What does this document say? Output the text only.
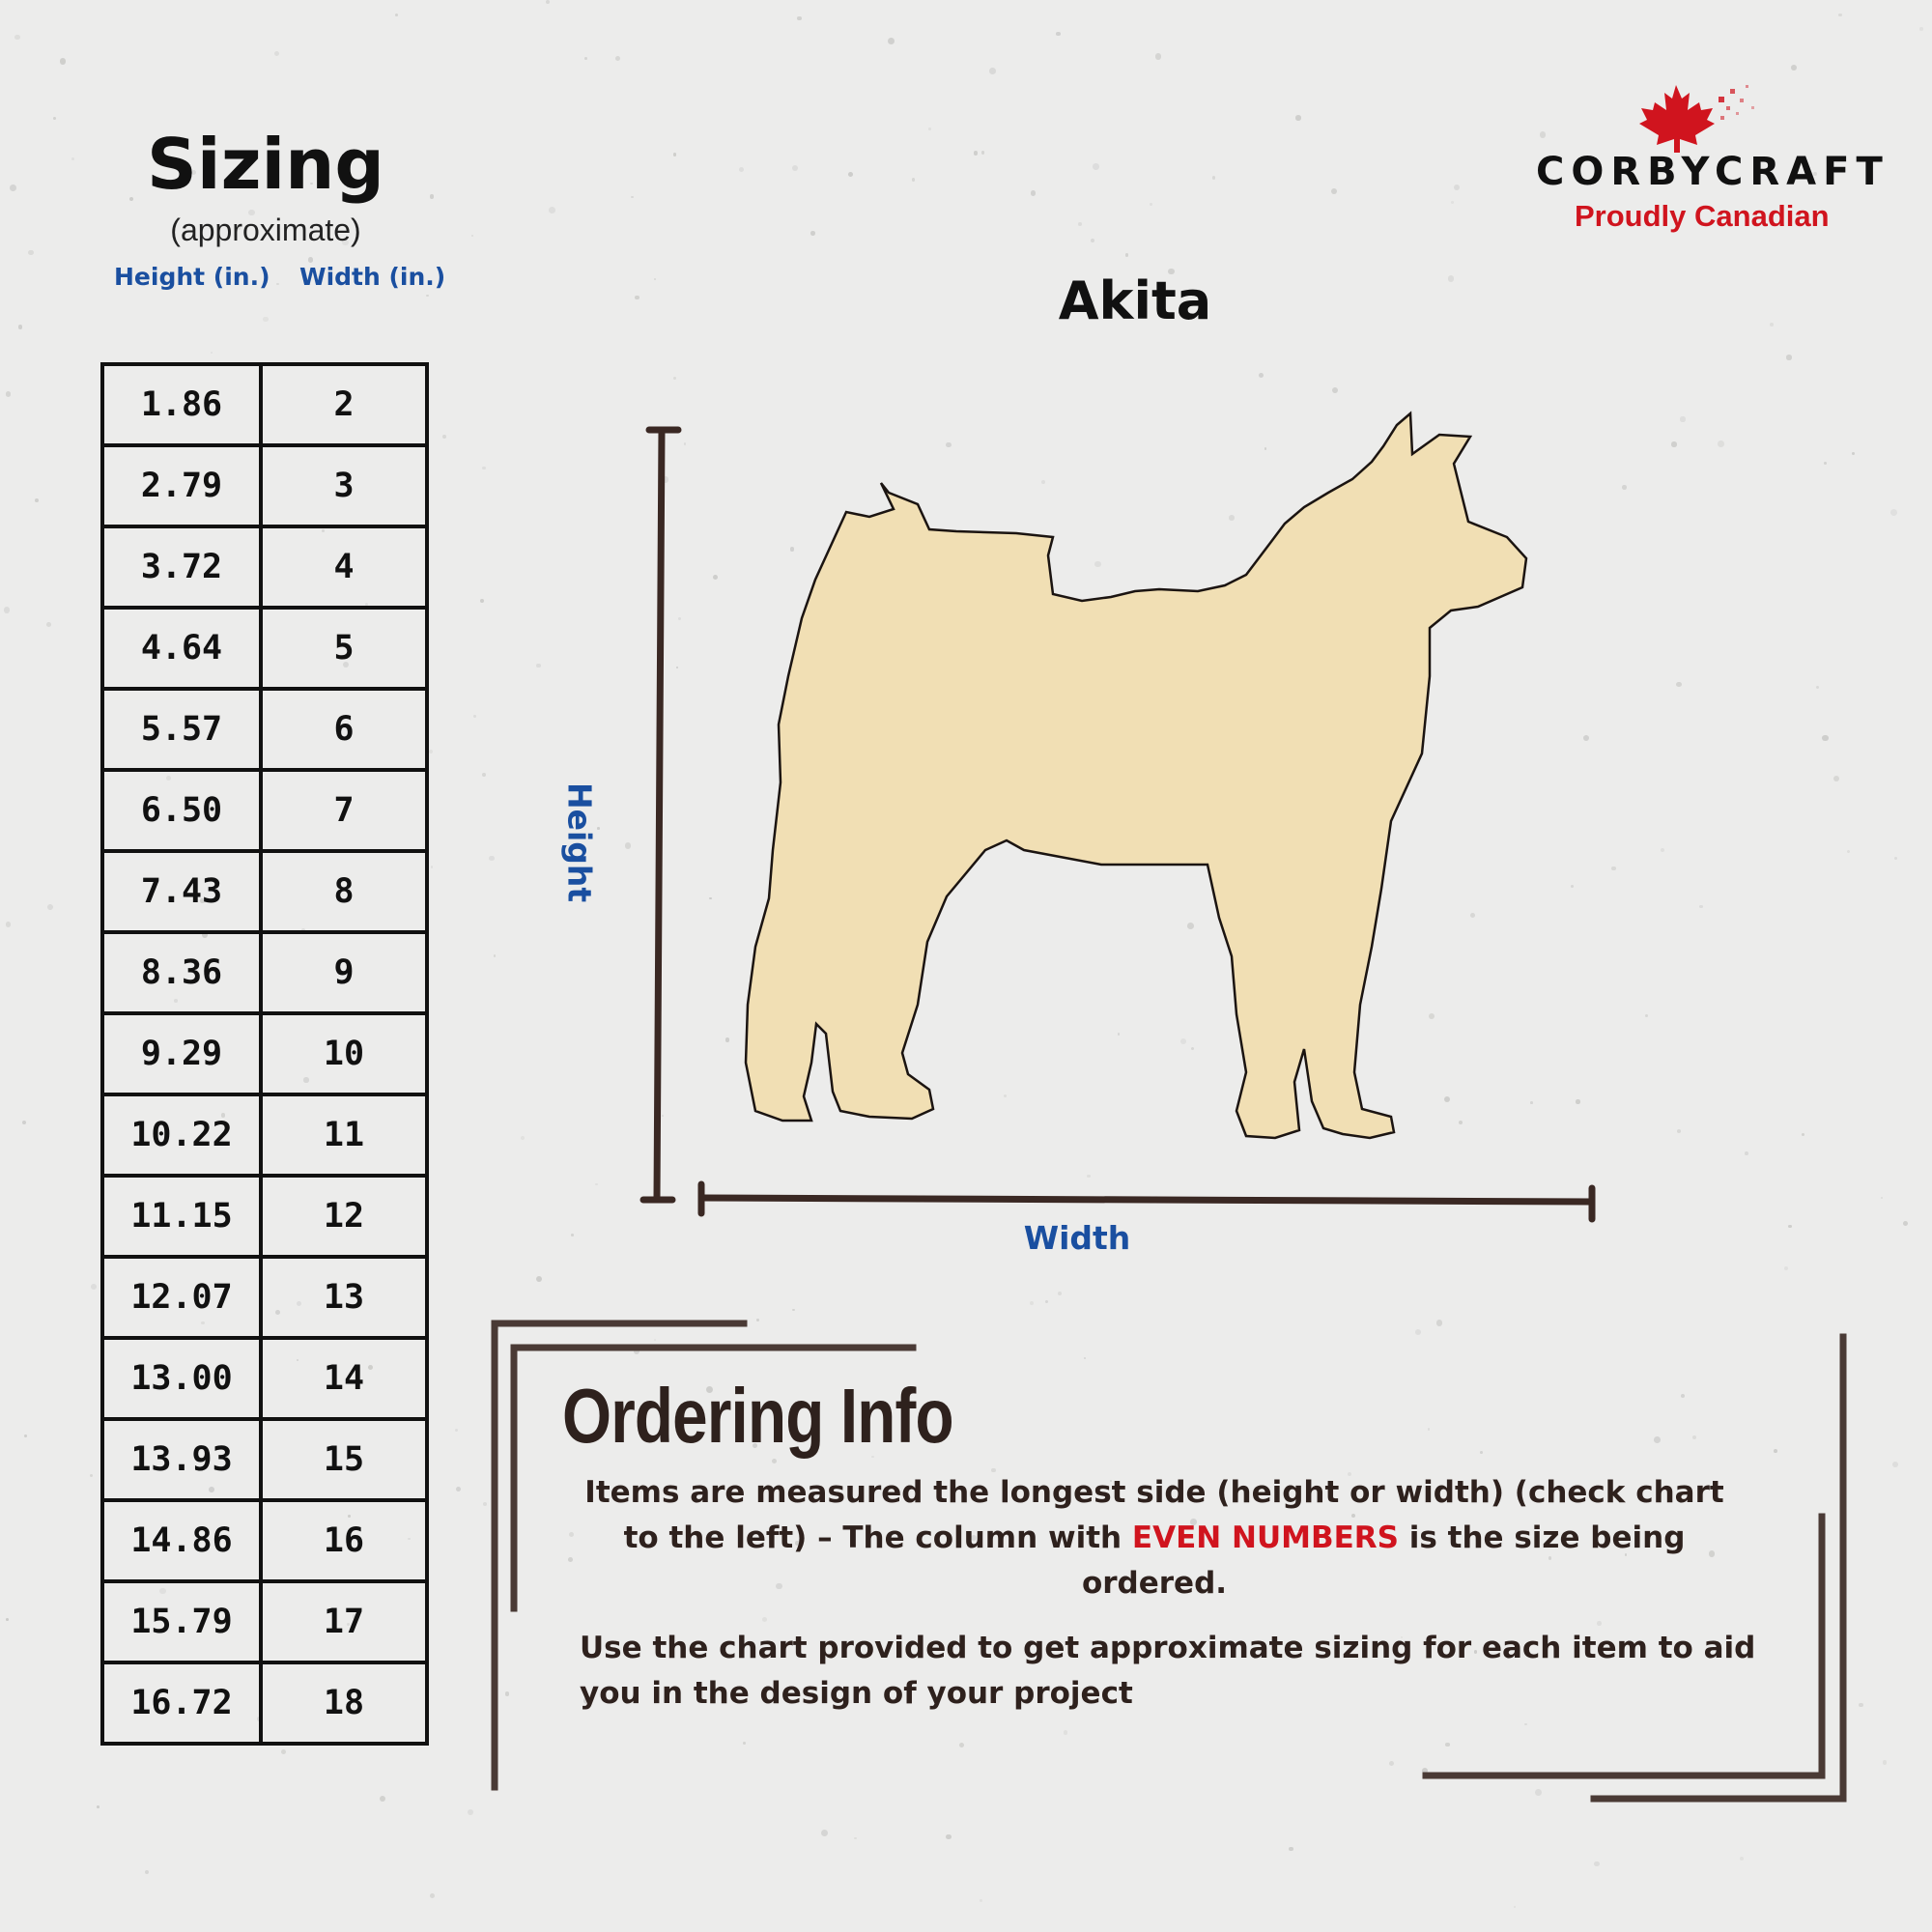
Sizing
(approximate)
Height (in.) Width (in.)
1.86	2
2.79	3
3.72	4
4.64	5
5.57	6
6.50	7
7.43	8
8.36	9
9.29	10
10.22	11
11.15	12
12.07	13
13.00	14
13.93	15
14.86	16
15.79	17
16.72	18
CORBYCRAFT
Proudly Canadian
Akita
Height
Width
Ordering Info
Items are measured the longest side (height or width) (check chart to the left) – The column with EVEN NUMBERS is the size being ordered.
Use the chart provided to get approximate sizing for each item to aid you in the design of your project
